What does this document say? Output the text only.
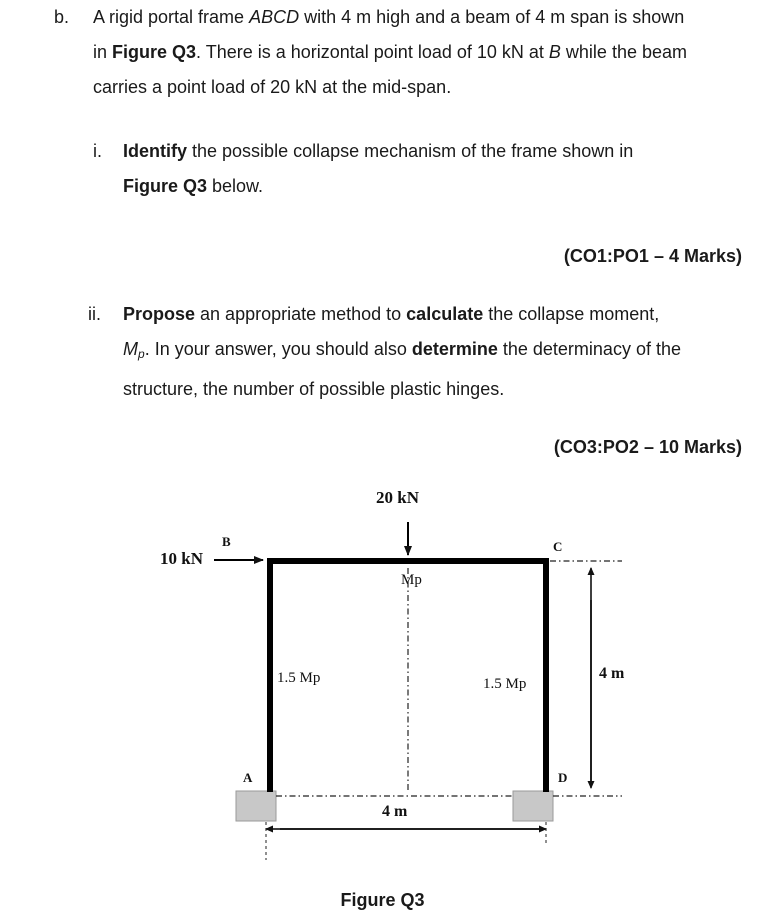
b. A rigid portal frame ABCD with 4 m high and a beam of 4 m span is shown
in Figure Q3. There is a horizontal point load of 10 kN at B while the beam
carries a point load of 20 kN at the mid-span.
i. Identify the possible collapse mechanism of the frame shown in
Figure Q3 below.
(CO1:PO1 – 4 Marks)
ii. Propose an appropriate method to calculate the collapse moment,
$M_p$. In your answer, you should also determine the determinacy of the
structure, the number of possible plastic hinges.
(CO3:PO2 – 10 Marks)
20 kN
10 kN
B	C
A	D
Mp
1.5 Mp	1.5 Mp
4 m
4 m
Figure Q3
